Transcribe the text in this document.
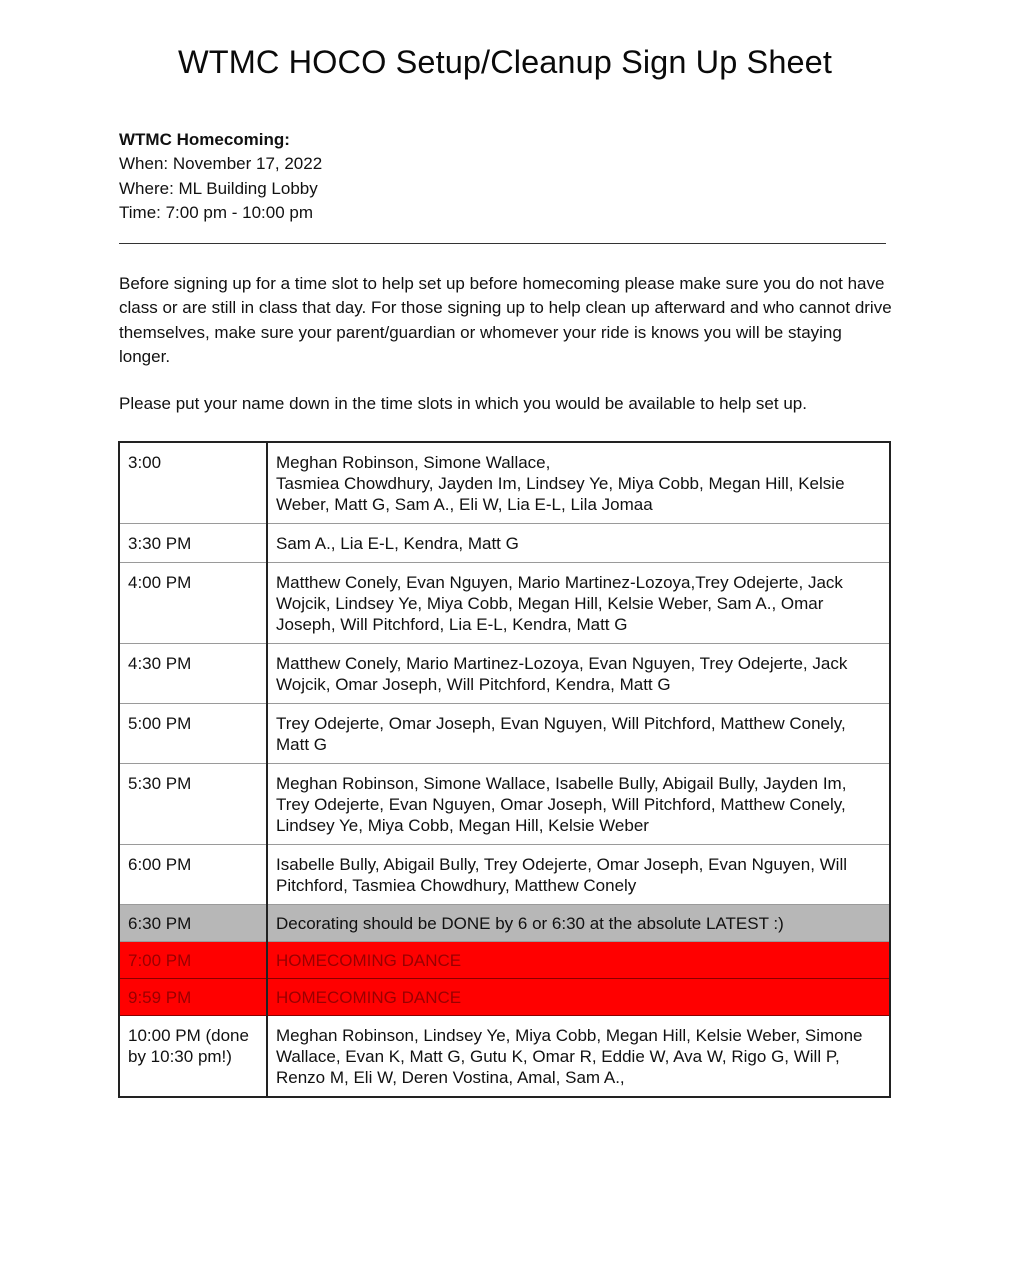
WTMC HOCO Setup/Cleanup Sign Up Sheet
WTMC Homecoming:
When: November 17, 2022
Where: ML Building Lobby
Time: 7:00 pm - 10:00 pm

Before signing up for a time slot to help set up before homecoming please make sure you do not have class or are still in class that day. For those signing up to help clean up afterward and who cannot drive themselves, make sure your parent/guardian or whomever your ride is knows you will be staying longer.

Please put your name down in the time slots in which you would be available to help set up.

3:00	Meghan Robinson, Simone Wallace,
Tasmiea Chowdhury, Jayden Im, Lindsey Ye, Miya Cobb, Megan Hill, Kelsie Weber, Matt G, Sam A., Eli W, Lia E-L, Lila Jomaa

3:30 PM	Sam A., Lia E-L, Kendra, Matt G
4:00 PM	Matthew Conely, Evan Nguyen, Mario Martinez-Lozoya,Trey Odejerte, Jack Wojcik, Lindsey Ye, Miya Cobb, Megan Hill, Kelsie Weber, Sam A., Omar Joseph, Will Pitchford, Lia E-L, Kendra, Matt G
4:30 PM	Matthew Conely, Mario Martinez-Lozoya, Evan Nguyen, Trey Odejerte, Jack Wojcik, Omar Joseph, Will Pitchford, Kendra, Matt G
5:00 PM	Trey Odejerte, Omar Joseph, Evan Nguyen, Will Pitchford, Matthew Conely, Matt G
5:30 PM	Meghan Robinson, Simone Wallace, Isabelle Bully, Abigail Bully, Jayden Im, Trey Odejerte, Evan Nguyen, Omar Joseph, Will Pitchford, Matthew Conely, Lindsey Ye, Miya Cobb, Megan Hill, Kelsie Weber
6:00 PM	Isabelle Bully, Abigail Bully, Trey Odejerte, Omar Joseph, Evan Nguyen, Will Pitchford, Tasmiea Chowdhury, Matthew Conely
6:30 PM	Decorating should be DONE by 6 or 6:30 at the absolute LATEST :)
7:00 PM	HOMECOMING DANCE
9:59 PM	HOMECOMING DANCE
10:00 PM (done by 10:30 pm!)	Meghan Robinson, Lindsey Ye, Miya Cobb, Megan Hill, Kelsie Weber, Simone Wallace, Evan K, Matt G, Gutu K, Omar R, Eddie W, Ava W, Rigo G, Will P, Renzo M, Eli W, Deren Vostina, Amal, Sam A.,
